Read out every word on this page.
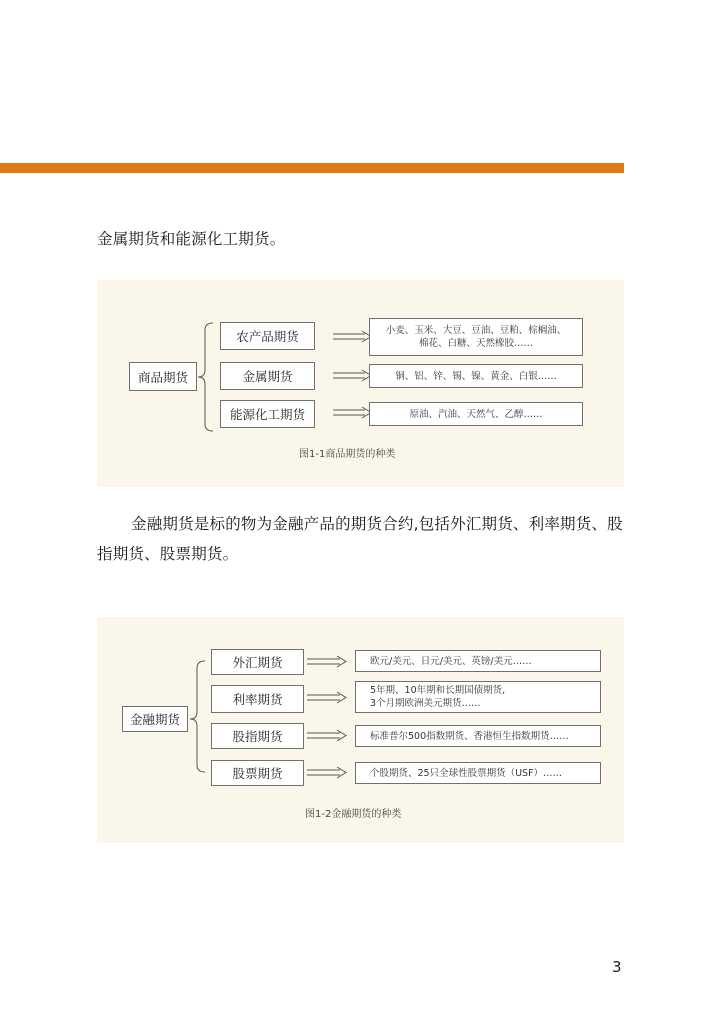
金属期货和能源化工期货。

商品期货
农产品期货
金属期货
能源化工期货
小麦、玉米、大豆、豆油、豆粕、棕榈油、
棉花、白糖、天然橡胶……
铜、铝、锌、锡、镍、黄金、白银……
原油、汽油、天然气、乙醇……
图1-1商品期货的种类

金融期货是标的物为金融产品的期货合约,包括外汇期货、利率期货、股指期货、股票期货。

金融期货
外汇期货
利率期货
股指期货
股票期货
欧元/美元、日元/美元、英镑/美元……
5年期、10年期和长期国债期货,
3个月期欧洲美元期货……
标准普尔500指数期货、香港恒生指数期货……
个股期货、25只全球性股票期货（USF）……
图1-2金融期货的种类
3
